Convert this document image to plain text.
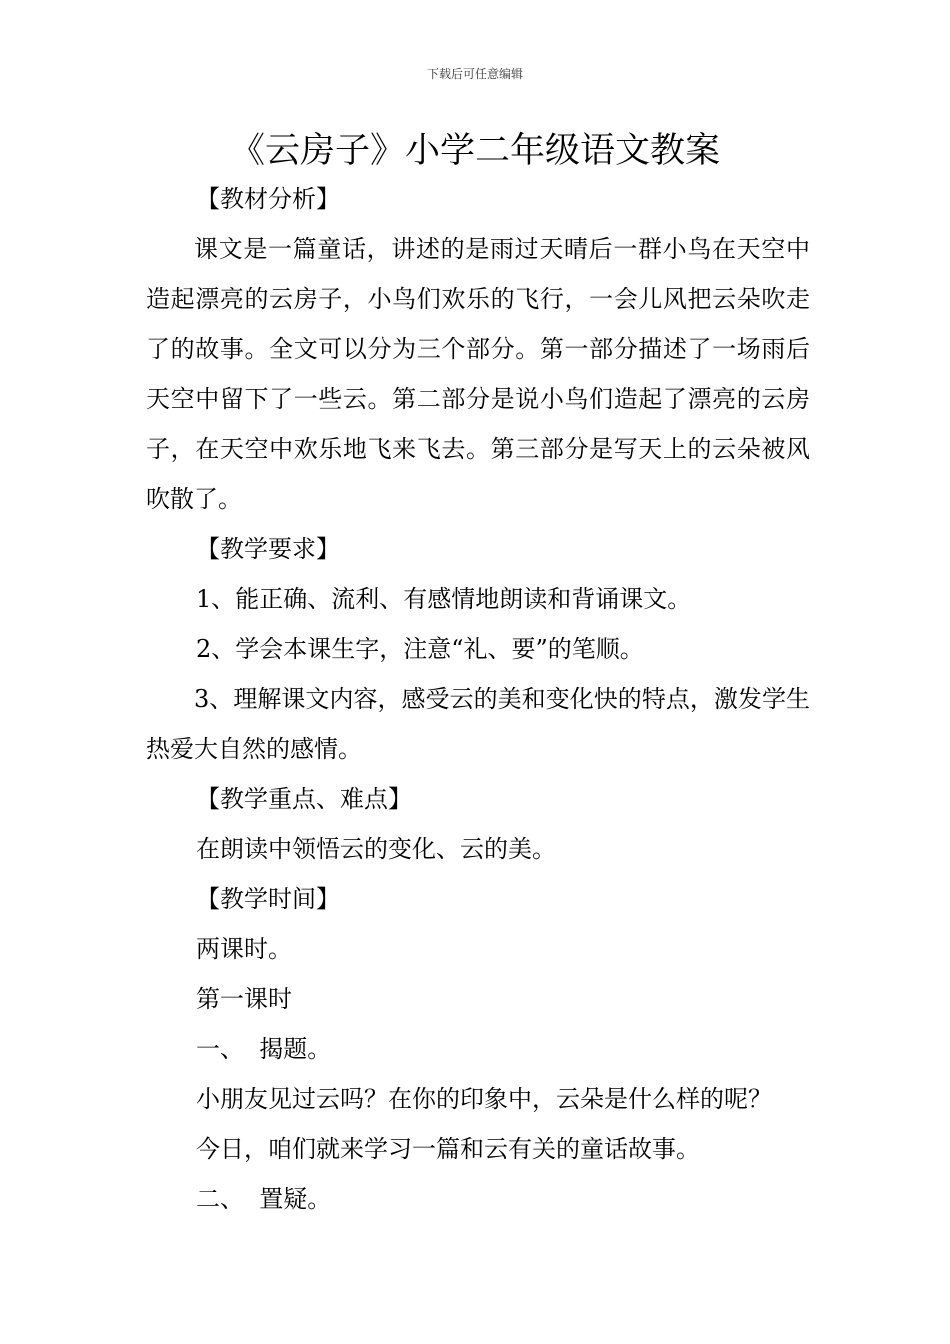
下载后可任意编辑
《云房子》小学二年级语文教案

【教材分析】

课文是一篇童话，讲述的是雨过天晴后一群小鸟在天空中造起漂亮的云房子，小鸟们欢乐的飞行，一会儿风把云朵吹走了的故事。全文可以分为三个部分。第一部分描述了一场雨后天空中留下了一些云。第二部分是说小鸟们造起了漂亮的云房子，在天空中欢乐地飞来飞去。第三部分是写天上的云朵被风吹散了。

【教学要求】

1、能正确、流利、有感情地朗读和背诵课文。

2、学会本课生字，注意“礼、要”的笔顺。

3、理解课文内容，感受云的美和变化快的特点，激发学生热爱大自然的感情。

【教学重点、难点】

在朗读中领悟云的变化、云的美。

【教学时间】

两课时。

第一课时

一、  揭题。

小朋友见过云吗？在你的印象中，云朵是什么样的呢？

今日，咱们就来学习一篇和云有关的童话故事。

二、  置疑。
